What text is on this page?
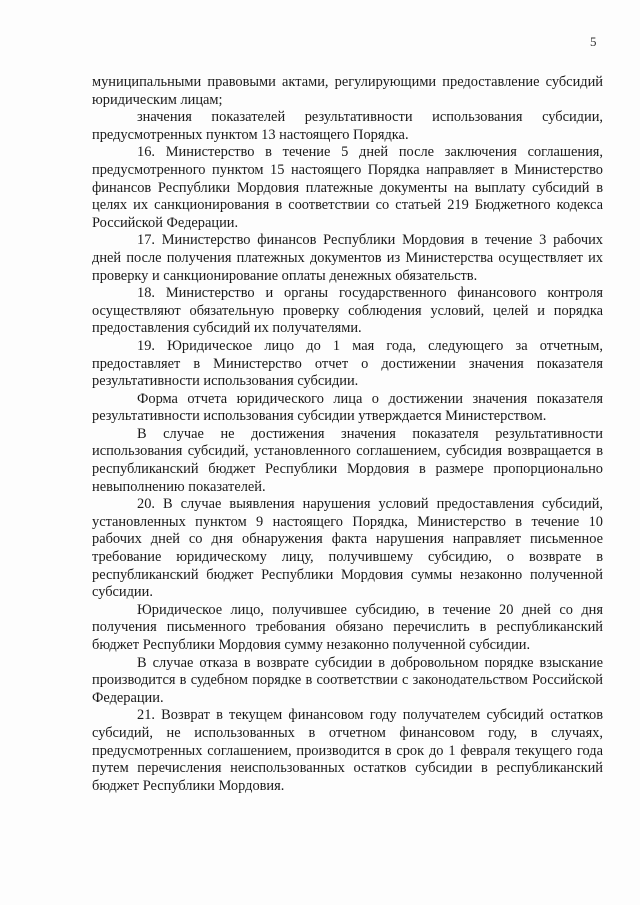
5

муниципальными правовыми актами, регулирующими предоставление субсидий юридическим лицам;

значения показателей результативности использования субсидии, предусмотренных пунктом 13 настоящего Порядка.

16. Министерство в течение 5 дней после заключения соглашения, предусмотренного пунктом 15 настоящего Порядка направляет в Министерство финансов Республики Мордовия платежные документы на выплату субсидий в целях их санкционирования в соответствии со статьей 219 Бюджетного кодекса Российской Федерации.

17. Министерство финансов Республики Мордовия в течение 3 рабочих дней после получения платежных документов из Министерства осуществляет их проверку и санкционирование оплаты денежных обязательств.

18. Министерство и органы государственного финансового контроля осуществляют обязательную проверку соблюдения условий, целей и порядка предоставления субсидий их получателями.

19. Юридическое лицо до 1 мая года, следующего за отчетным, предоставляет в Министерство отчет о достижении значения показателя результативности использования субсидии.

Форма отчета юридического лица о достижении значения показателя результативности использования субсидии утверждается Министерством.

В случае не достижения значения показателя результативности использования субсидий, установленного соглашением, субсидия возвращается в республиканский бюджет Республики Мордовия в размере пропорционально невыполнению показателей.

20. В случае выявления нарушения условий предоставления субсидий, установленных пунктом 9 настоящего Порядка, Министерство в течение 10 рабочих дней со дня обнаружения факта нарушения направляет письменное требование юридическому лицу, получившему субсидию, о возврате в республиканский бюджет Республики Мордовия суммы незаконно полученной субсидии.

Юридическое лицо, получившее субсидию, в течение 20 дней со дня получения письменного требования обязано перечислить в республиканский бюджет Республики Мордовия сумму незаконно полученной субсидии.

В случае отказа в возврате субсидии в добровольном порядке взыскание производится в судебном порядке в соответствии с законодательством Российской Федерации.

21. Возврат в текущем финансовом году получателем субсидий остатков субсидий, не использованных в отчетном финансовом году, в случаях, предусмотренных соглашением, производится в срок до 1 февраля текущего года путем перечисления неиспользованных остатков субсидии в республиканский бюджет Республики Мордовия.
